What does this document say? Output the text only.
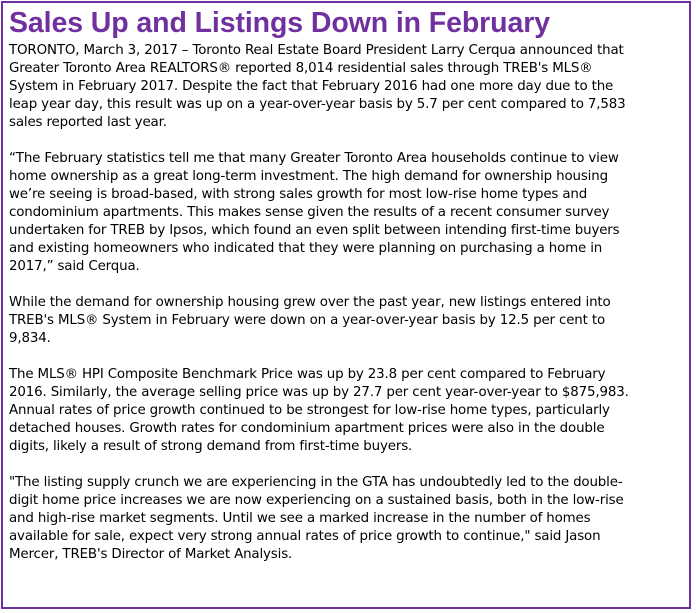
Sales Up and Listings Down in February
TORONTO, March 3, 2017 – Toronto Real Estate Board President Larry Cerqua announced that
Greater Toronto Area REALTORS® reported 8,014 residential sales through TREB's MLS®
System in February 2017. Despite the fact that February 2016 had one more day due to the
leap year day, this result was up on a year-over-year basis by 5.7 per cent compared to 7,583
sales reported last year.
“The February statistics tell me that many Greater Toronto Area households continue to view
home ownership as a great long-term investment. The high demand for ownership housing
we’re seeing is broad-based, with strong sales growth for most low-rise home types and
condominium apartments. This makes sense given the results of a recent consumer survey
undertaken for TREB by Ipsos, which found an even split between intending first-time buyers
and existing homeowners who indicated that they were planning on purchasing a home in
2017,” said Cerqua.
While the demand for ownership housing grew over the past year, new listings entered into
TREB's MLS® System in February were down on a year-over-year basis by 12.5 per cent to
9,834.
The MLS® HPI Composite Benchmark Price was up by 23.8 per cent compared to February
2016. Similarly, the average selling price was up by 27.7 per cent year-over-year to $875,983.
Annual rates of price growth continued to be strongest for low-rise home types, particularly
detached houses. Growth rates for condominium apartment prices were also in the double
digits, likely a result of strong demand from first-time buyers.
"The listing supply crunch we are experiencing in the GTA has undoubtedly led to the double-
digit home price increases we are now experiencing on a sustained basis, both in the low-rise
and high-rise market segments. Until we see a marked increase in the number of homes
available for sale, expect very strong annual rates of price growth to continue," said Jason
Mercer, TREB's Director of Market Analysis.
